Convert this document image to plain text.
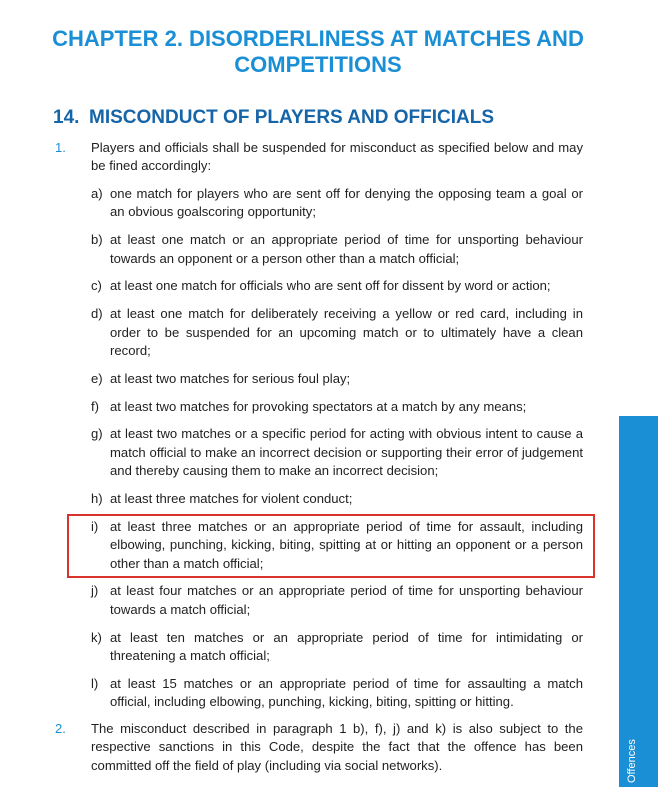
CHAPTER 2. DISORDERLINESS AT MATCHES AND
COMPETITIONS
14. MISCONDUCT OF PLAYERS AND OFFICIALS
1. Players and officials shall be suspended for misconduct as specified below and may be fined accordingly:
a) one match for players who are sent off for denying the opposing team a goal or an obvious goalscoring opportunity;
b) at least one match or an appropriate period of time for unsporting behaviour towards an opponent or a person other than a match official;
c) at least one match for officials who are sent off for dissent by word or action;
d) at least one match for deliberately receiving a yellow or red card, including in order to be suspended for an upcoming match or to ultimately have a clean record;
e) at least two matches for serious foul play;
f) at least two matches for provoking spectators at a match by any means;
g) at least two matches or a specific period for acting with obvious intent to cause a match official to make an incorrect decision or supporting their error of judgement and thereby causing them to make an incorrect decision;
h) at least three matches for violent conduct;
i) at least three matches or an appropriate period of time for assault, including elbowing, punching, kicking, biting, spitting at or hitting an opponent or a person other than a match official;
j) at least four matches or an appropriate period of time for unsporting behaviour towards a match official;
k) at least ten matches or an appropriate period of time for intimidating or threatening a match official;
l) at least 15 matches or an appropriate period of time for assaulting a match official, including elbowing, punching, kicking, biting, spitting or hitting.
2. The misconduct described in paragraph 1 b), f), j) and k) is also subject to the respective sanctions in this Code, despite the fact that the offence has been committed off the field of play (including via social networks).	Offences
